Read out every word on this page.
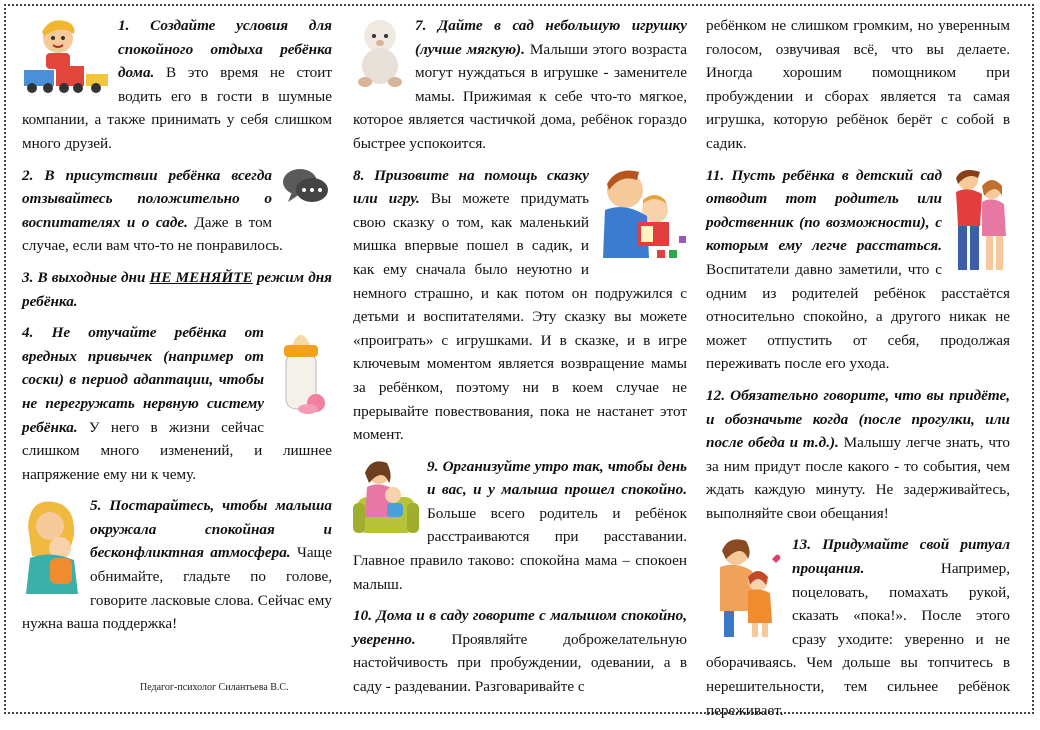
1. Создайте условия для спокойного отдыха ребёнка дома. В это время не стоит водить его в гости в шумные компании, а также принимать у себя слишком много друзей.

2. В присутствии ребёнка всегда отзывайтесь положительно о воспитателях и о саде. Даже в том случае, если вам что-то не понравилось.

3. В выходные дни НЕ МЕНЯЙТЕ режим дня ребёнка.

4. Не отучайте ребёнка от вредных привычек (например от соски) в период адаптации, чтобы не перегружать нервную систему ребёнка. У него в жизни сейчас слишком много изменений, и лишнее напряжение ему ни к чему.

5. Постарайтесь, чтобы малыша окружала спокойная и бесконфликтная атмосфера. Чаще обнимайте, гладьте по голове, говорите ласковые слова. Сейчас ему нужна ваша поддержка!

7. Дайте в сад небольшую игрушку (лучше мягкую). Малыши этого возраста могут нуждаться в игрушке - заменителе мамы. Прижимая к себе что-то мягкое, которое является частичкой дома, ребёнок гораздо быстрее успокоится.

8. Призовите на помощь сказку или игру. Вы можете придумать свою сказку о том, как маленький мишка впервые пошел в садик, и как ему сначала было неуютно и немного страшно, и как потом он подружился с детьми и воспитателями. Эту сказку вы можете «проиграть» с игрушками. И в сказке, и в игре ключевым моментом является возвращение мамы за ребёнком, поэтому ни в коем случае не прерывайте повествования, пока не настанет этот момент.

9. Организуйте утро так, чтобы день и вас, и у малыша прошел спокойно. Больше всего родитель и ребёнок расстраиваются при расставании. Главное правило таково: спокойна мама – спокоен малыш.

10. Дома и в саду говорите с малышом спокойно, уверенно. Проявляйте доброжелательную настойчивость при пробуждении, одевании, а в саду - раздевании. Разговаривайте с

ребёнком не слишком громким, но уверенным голосом, озвучивая всё, что вы делаете. Иногда хорошим помощником при пробуждении и сборах является та самая игрушка, которую ребёнок берёт с собой в садик.

11. Пусть ребёнка в детский сад отводит тот родитель или родственник (по возможности), с которым ему легче расстаться. Воспитатели давно заметили, что с одним из родителей ребёнок расстаётся относительно спокойно, а другого никак не может отпустить от себя, продолжая переживать после его ухода.

12. Обязательно говорите, что вы придёте, и обозначьте когда (после прогулки, или после обеда и т.д.). Малышу легче знать, что за ним придут после какого - то события, чем ждать каждую минуту. Не задерживайтесь, выполняйте свои обещания!

13. Придумайте свой ритуал прощания. Например, поцеловать, помахать рукой, сказать «пока!». После этого сразу уходите: уверенно и не оборачиваясь. Чем дольше вы топчитесь в нерешительности, тем сильнее ребёнок переживает.

Педагог-психолог Силантьева В.С.
